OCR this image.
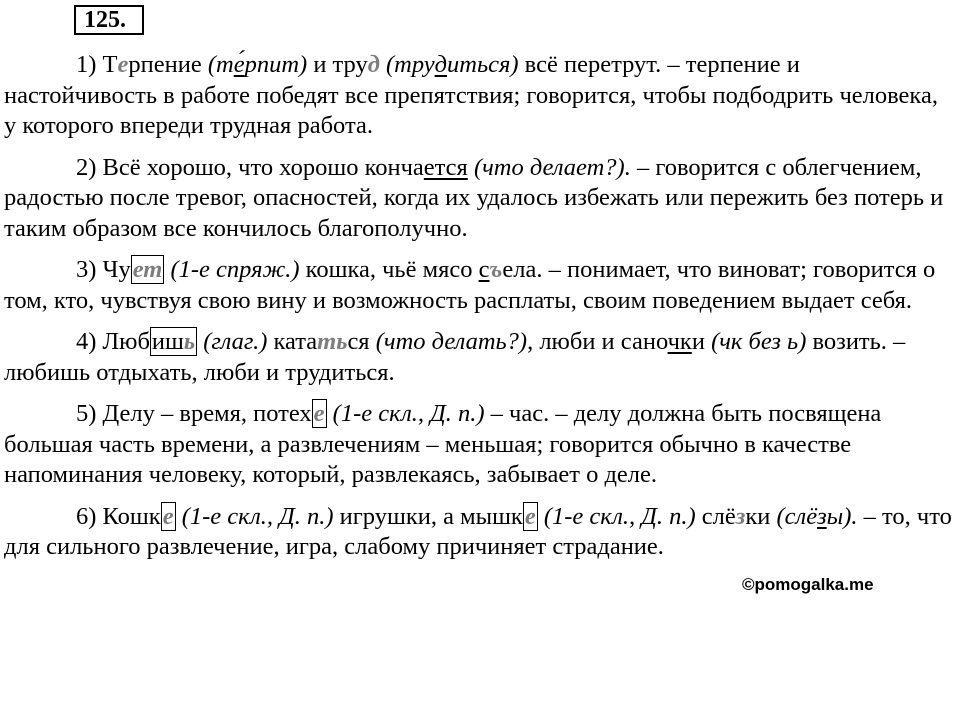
125.

1) Терпение (те́рпит) и труд (трудиться) всё перетрут. – терпение и настойчивость в работе победят все препятствия; говорится, чтобы подбодрить человека, у которого впереди трудная работа.

2) Всё хорошо, что хорошо кончается (что делает?). – говорится с облегчением, радостью после тревог, опасностей, когда их удалось избежать или пережить без потерь и таким образом все кончилось благополучно.

3) Чует (1-е спряж.) кошка, чьё мясо съела. – понимает, что виноват; говорится о том, кто, чувствуя свою вину и возможность расплаты, своим поведением выдает себя.

4) Любишь (глаг.) кататься (что делать?), люби и саночки (чк без ь) возить. – любишь отдыхать, люби и трудиться.

5) Делу – время, потехе (1-е скл., Д. п.) – час. – делу должна быть посвящена большая часть времени, а развлечениям – меньшая; говорится обычно в качестве напоминания человеку, который, развлекаясь, забывает о деле.

6) Кошке (1-е скл., Д. п.) игрушки, а мышке (1-е скл., Д. п.) слёзки (слёзы). – то, что для сильного развлечение, игра, слабому причиняет страдание.

©pomogalka.me
